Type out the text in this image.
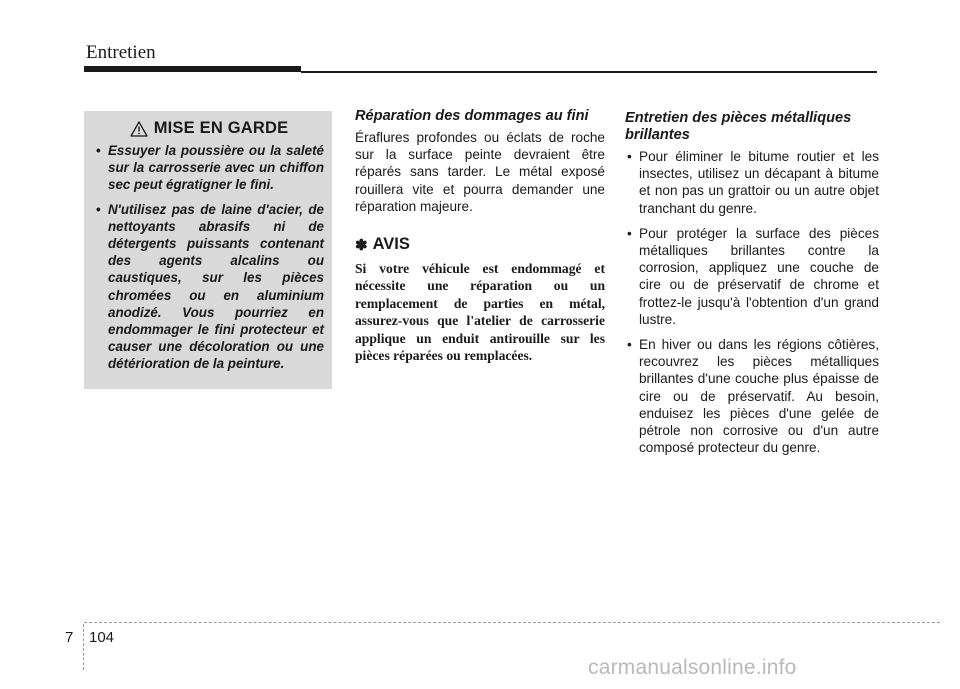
Entretien
MISE EN GARDE
• Essuyer la poussière ou la saleté sur la carrosserie avec un chiffon sec peut égratigner le fini.
• N'utilisez pas de laine d'acier, de nettoyants abrasifs ni de détergents puissants contenant des agents alcalins ou caustiques, sur les pièces chromées ou en aluminium anodizé. Vous pourriez en endommager le fini protecteur et causer une décoloration ou une détérioration de la peinture.

Réparation des dommages au fini

Éraflures profondes ou éclats de roche sur la surface peinte devraient être réparés sans tarder. Le métal exposé rouillera vite et pourra demander une réparation majeure.

✽ AVIS

Si votre véhicule est endommagé et nécessite une réparation ou un remplacement de parties en métal, assurez-vous que l'atelier de carrosserie applique un enduit antirouille sur les pièces réparées ou remplacées.

Entretien des pièces métalliques brillantes

• Pour éliminer le bitume routier et les insectes, utilisez un décapant à bitume et non pas un grattoir ou un autre objet tranchant du genre.
• Pour protéger la surface des pièces métalliques brillantes contre la corrosion, appliquez une couche de cire ou de préservatif de chrome et frottez-le jusqu'à l'obtention d'un grand lustre.
• En hiver ou dans les régions côtières, recouvrez les pièces métalliques brillantes d'une couche plus épaisse de cire ou de préservatif. Au besoin, enduisez les pièces d'une gelée de pétrole non corrosive ou d'un autre composé protecteur du genre.
7 104
carmanualsonline.info
